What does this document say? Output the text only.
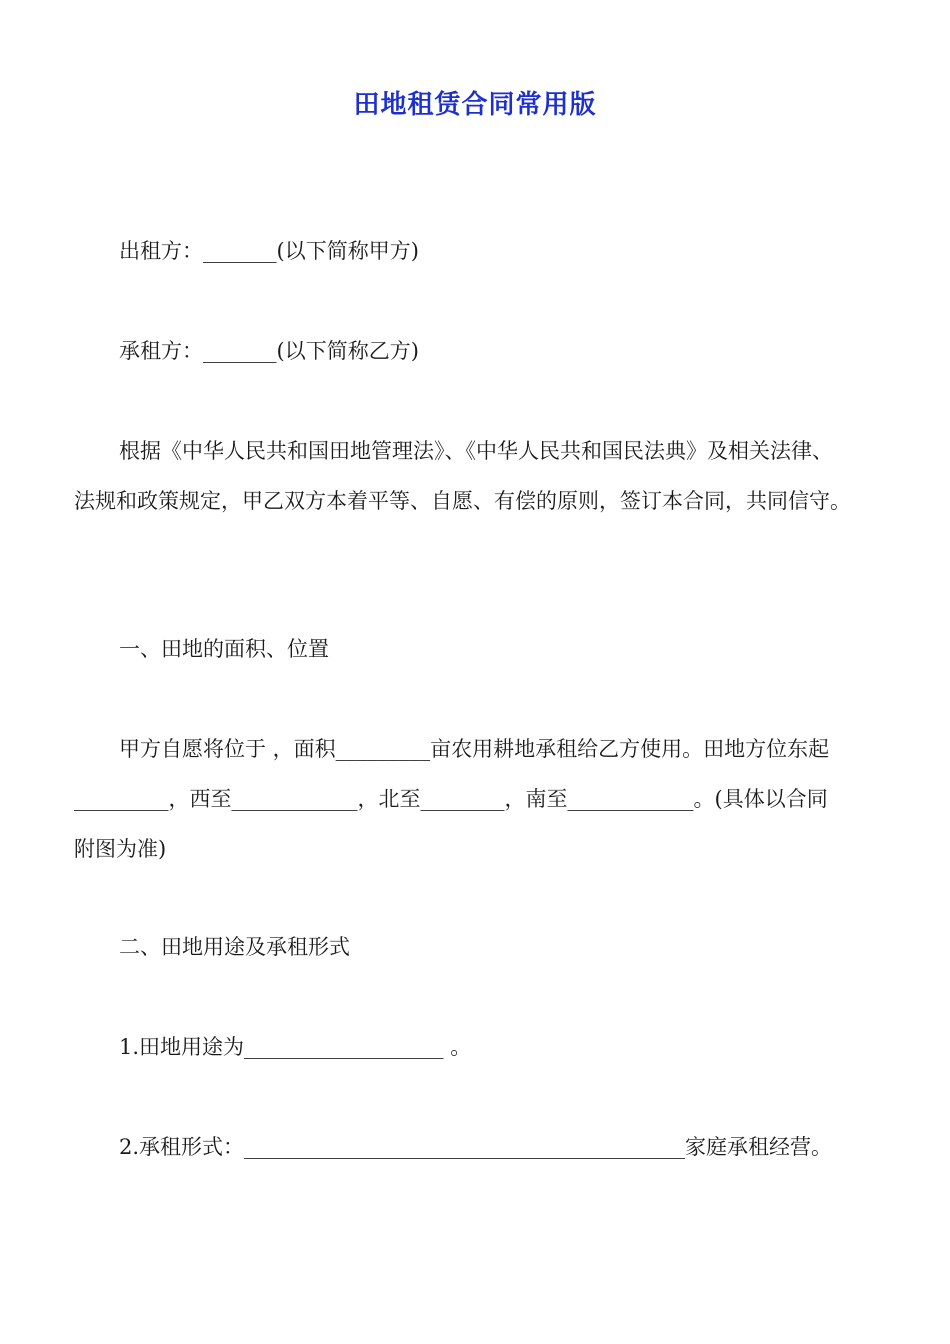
田地租赁合同常用版
出租方：_______(以下简称甲方)
承租方：_______(以下简称乙方)
根据《中华人民共和国田地管理法》、《中华人民共和国民法典》及相关法律、
法规和政策规定，甲乙双方本着平等、自愿、有偿的原则，签订本合同，共同信守。
一、田地的面积、位置
甲方自愿将位于 ，面积_________亩农用耕地承租给乙方使用。田地方位东起
_________，西至____________，北至________，南至____________。(具体以合同
附图为准)
二、田地用途及承租形式
1.田地用途为___________________ 。
2.承租形式：__________________________________________家庭承租经营。
